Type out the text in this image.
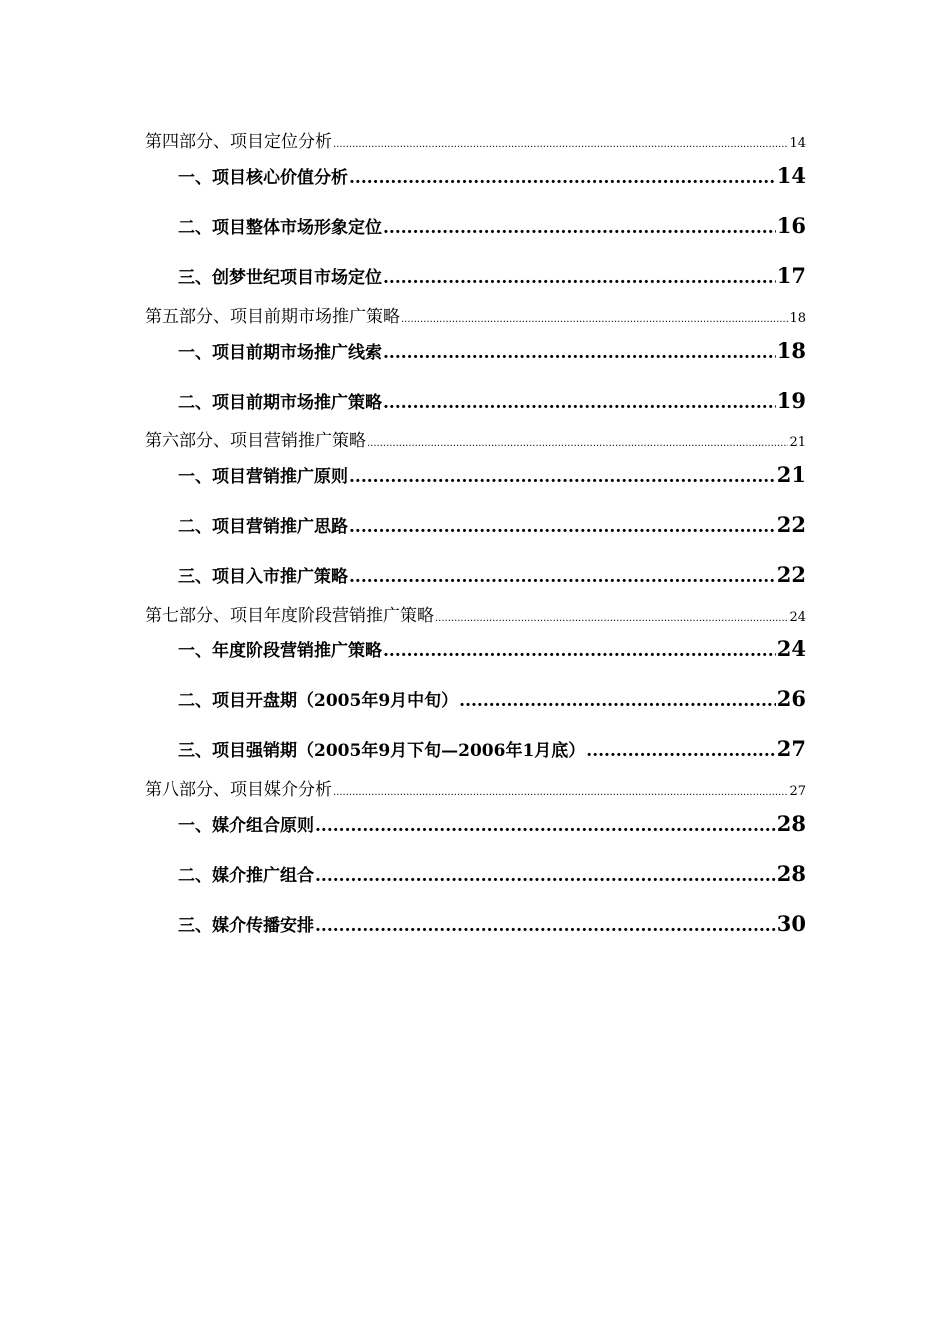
第四部分、项目定位分析 .....	14
一、项目核心价值分析 .....	14
二、项目整体市场形象定位 .....	16
三、创梦世纪项目市场定位 .....	17
第五部分、项目前期市场推广策略 .....	18
一、项目前期市场推广线索 .....	18
二、项目前期市场推广策略 .....	19
第六部分、项目营销推广策略 .....	21
一、项目营销推广原则 .....	21
二、项目营销推广思路 .....	22
三、项目入市推广策略 .....	22
第七部分、项目年度阶段营销推广策略 .....	24
一、年度阶段营销推广策略 .....	24
二、项目开盘期（2005年9月中旬） .....	26
三、项目强销期（2005年9月下旬—2006年1月底） .....	27
第八部分、项目媒介分析 .....	27
一、媒介组合原则 .....	28
二、媒介推广组合 .....	28
三、媒介传播安排 .....	30
